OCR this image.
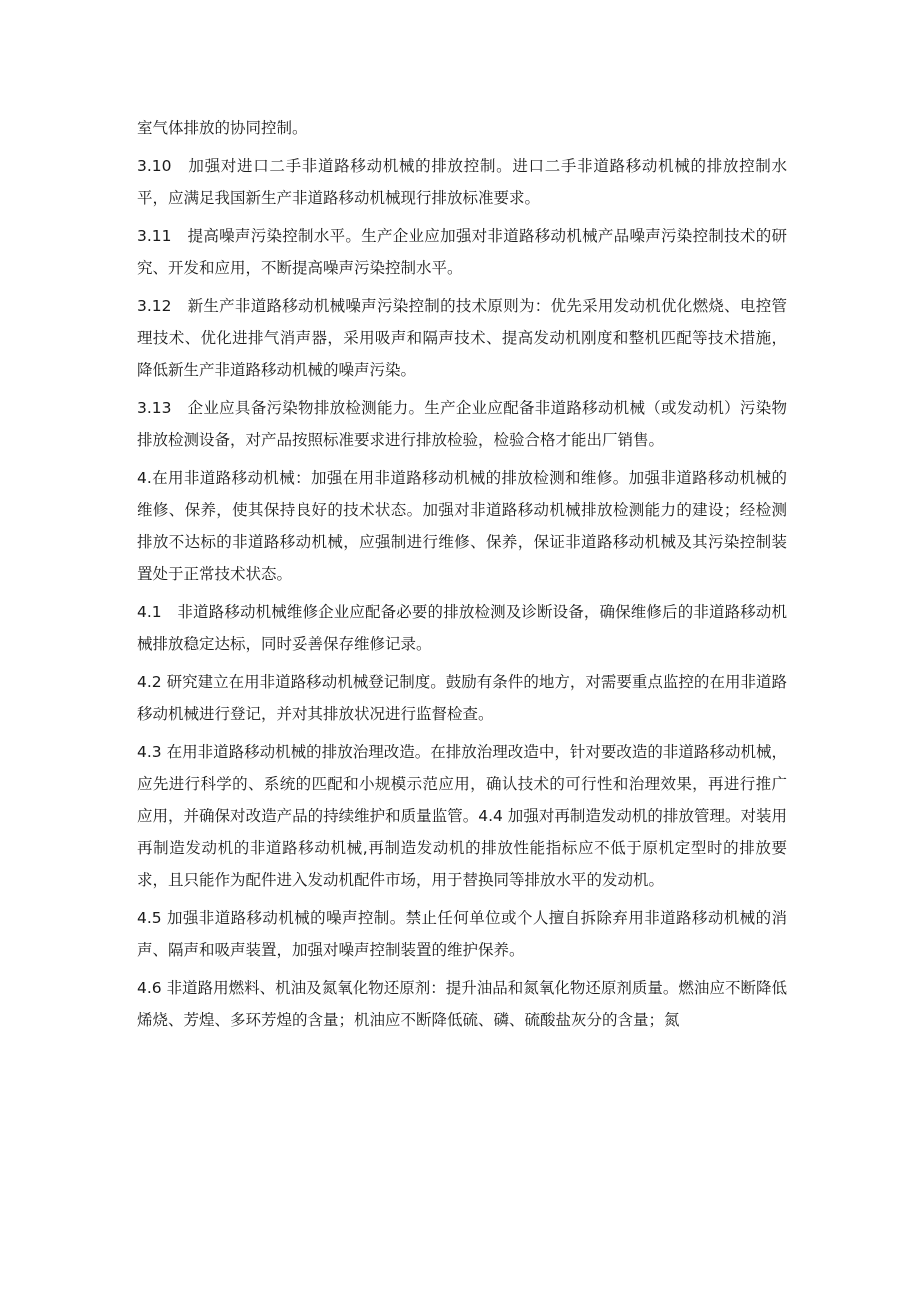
室气体排放的协同控制。

3.10　加强对进口二手非道路移动机械的排放控制。进口二手非道路移动机械的排放控制水平，应满足我国新生产非道路移动机械现行排放标准要求。

3.11　提高噪声污染控制水平。生产企业应加强对非道路移动机械产品噪声污染控制技术的研究、开发和应用，不断提高噪声污染控制水平。

3.12　新生产非道路移动机械噪声污染控制的技术原则为：优先采用发动机优化燃烧、电控管理技术、优化进排气消声器，采用吸声和隔声技术、提高发动机刚度和整机匹配等技术措施，降低新生产非道路移动机械的噪声污染。

3.13　企业应具备污染物排放检测能力。生产企业应配备非道路移动机械（或发动机）污染物排放检测设备，对产品按照标准要求进行排放检验，检验合格才能出厂销售。

4.在用非道路移动机械：加强在用非道路移动机械的排放检测和维修。加强非道路移动机械的维修、保养，使其保持良好的技术状态。加强对非道路移动机械排放检测能力的建设；经检测排放不达标的非道路移动机械，应强制进行维修、保养，保证非道路移动机械及其污染控制装置处于正常技术状态。

4.1　非道路移动机械维修企业应配备必要的排放检测及诊断设备，确保维修后的非道路移动机械排放稳定达标，同时妥善保存维修记录。

4.2 研究建立在用非道路移动机械登记制度。鼓励有条件的地方，对需要重点监控的在用非道路移动机械进行登记，并对其排放状况进行监督检查。

4.3 在用非道路移动机械的排放治理改造。在排放治理改造中，针对要改造的非道路移动机械，应先进行科学的、系统的匹配和小规模示范应用，确认技术的可行性和治理效果，再进行推广应用，并确保对改造产品的持续维护和质量监管。4.4 加强对再制造发动机的排放管理。对装用再制造发动机的非道路移动机械,再制造发动机的排放性能指标应不低于原机定型时的排放要求，且只能作为配件进入发动机配件市场，用于替换同等排放水平的发动机。

4.5 加强非道路移动机械的噪声控制。禁止任何单位或个人擅自拆除弃用非道路移动机械的消声、隔声和吸声装置，加强对噪声控制装置的维护保养。

4.6 非道路用燃料、机油及氮氧化物还原剂：提升油品和氮氧化物还原剂质量。燃油应不断降低烯烧、芳煌、多环芳煌的含量；机油应不断降低硫、磷、硫酸盐灰分的含量；氮
